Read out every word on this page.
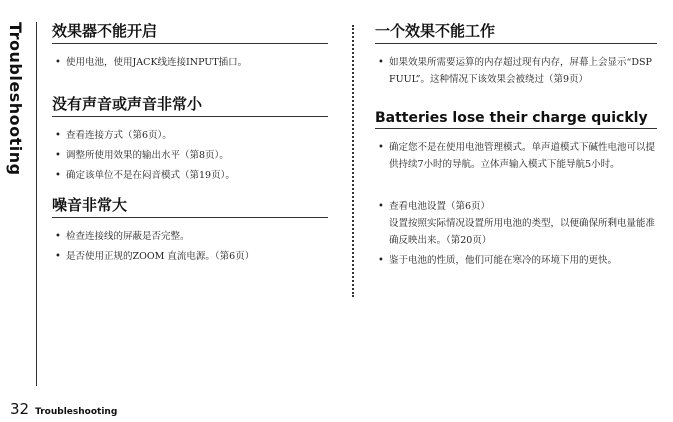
Troubleshooting 效果器不能开启
• 使用电池，使用JACK线连接INPUT插口。
没有声音或声音非常小
• 查看连接方式（第6页）。
• 调整所使用效果的输出水平（第8页）。
• 确定该单位不是在闷音模式（第19页）。
噪音非常大
• 检查连接线的屏蔽是否完整。
• 是否使用正规的ZOOM 直流电源。（第6页）
一个效果不能工作
• 如果效果所需要运算的内存超过现有内存，屏幕上会显示“DSP FUUL”。这种情况下该效果会被绕过（第9页）
Batteries lose their charge quickly
• 确定您不是在使用电池管理模式。单声道模式下碱性电池可以提供持续7小时的导航。立体声输入模式下能导航5小时。
• 查看电池设置（第6页）
设置按照实际情况设置所用电池的类型，以便确保所剩电量能准确反映出来。（第20页）
• 鉴于电池的性质，他们可能在寒冷的环境下用的更快。
32 Troubleshooting
